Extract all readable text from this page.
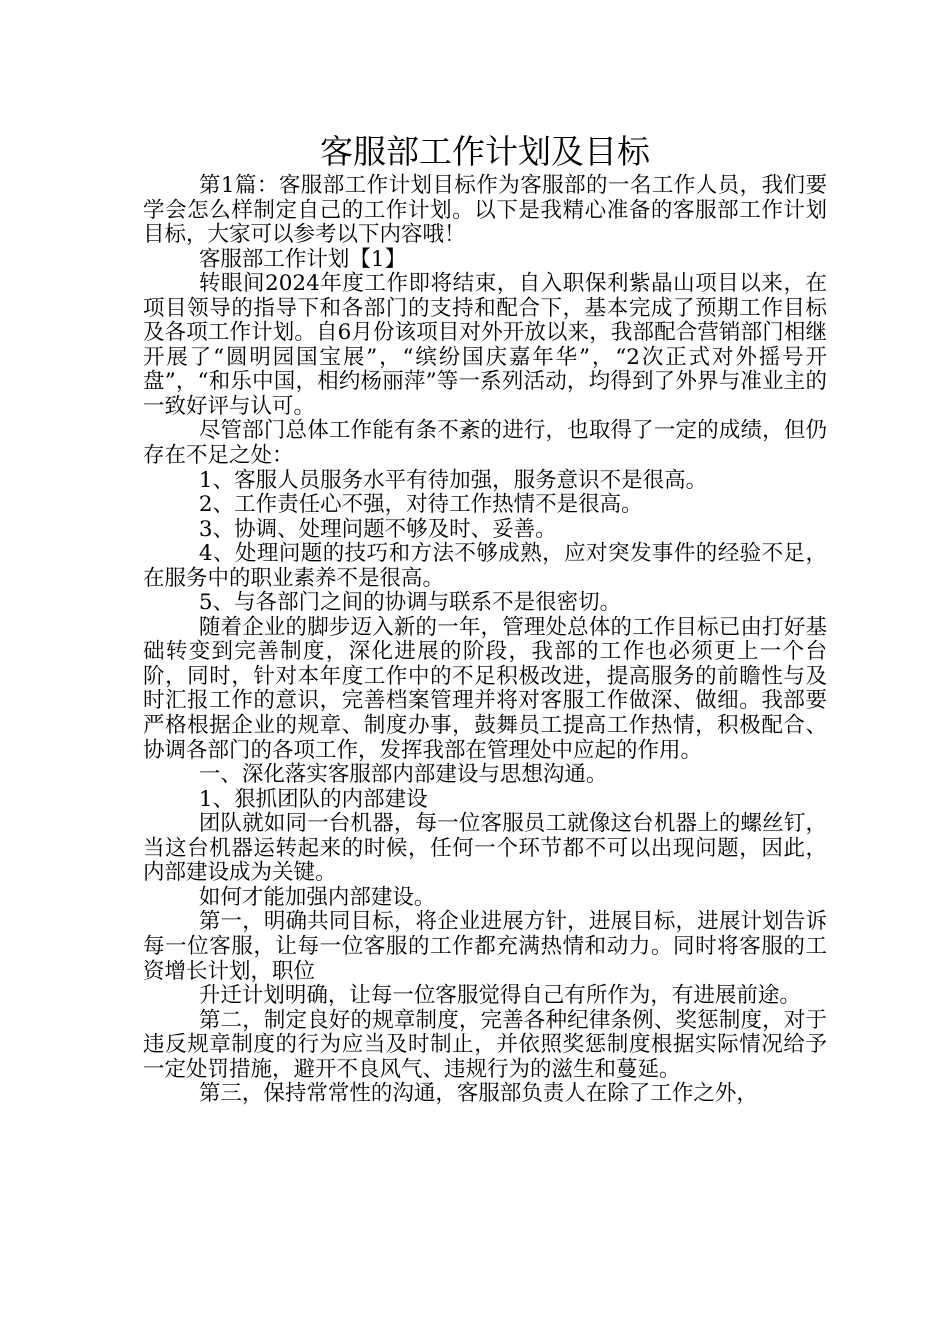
客服部工作计划及目标

第1篇：客服部工作计划目标作为客服部的一名工作人员，我们要学会怎么样制定自己的工作计划。以下是我精心准备的客服部工作计划目标，大家可以参考以下内容哦！

客服部工作计划【1】

转眼间2024年度工作即将结束，自入职保利紫晶山项目以来，在项目领导的指导下和各部门的支持和配合下，基本完成了预期工作目标及各项工作计划。自6月份该项目对外开放以来，我部配合营销部门相继开展了“圆明园国宝展”，“缤纷国庆嘉年华”，“2次正式对外摇号开盘”，“和乐中国，相约杨丽萍”等一系列活动，均得到了外界与准业主的一致好评与认可。

尽管部门总体工作能有条不紊的进行，也取得了一定的成绩，但仍存在不足之处：

1、客服人员服务水平有待加强，服务意识不是很高。

2、工作责任心不强，对待工作热情不是很高。

3、协调、处理问题不够及时、妥善。

4、处理问题的技巧和方法不够成熟，应对突发事件的经验不足，在服务中的职业素养不是很高。

5、与各部门之间的协调与联系不是很密切。

随着企业的脚步迈入新的一年，管理处总体的工作目标已由打好基础转变到完善制度，深化进展的阶段，我部的工作也必须更上一个台阶，同时，针对本年度工作中的不足积极改进，提高服务的前瞻性与及时汇报工作的意识，完善档案管理并将对客服工作做深、做细。我部要严格根据企业的规章、制度办事，鼓舞员工提高工作热情，积极配合、协调各部门的各项工作，发挥我部在管理处中应起的作用。

一、深化落实客服部内部建设与思想沟通。

1、狠抓团队的内部建设

团队就如同一台机器，每一位客服员工就像这台机器上的螺丝钉，当这台机器运转起来的时候，任何一个环节都不可以出现问题，因此，内部建设成为关键。

如何才能加强内部建设。

第一，明确共同目标，将企业进展方针，进展目标，进展计划告诉每一位客服，让每一位客服的工作都充满热情和动力。同时将客服的工资增长计划，职位

升迁计划明确，让每一位客服觉得自己有所作为，有进展前途。

第二，制定良好的规章制度，完善各种纪律条例、奖惩制度，对于违反规章制度的行为应当及时制止，并依照奖惩制度根据实际情况给予一定处罚措施，避开不良风气、违规行为的滋生和蔓延。

第三，保持常常性的沟通，客服部负责人在除了工作之外，
